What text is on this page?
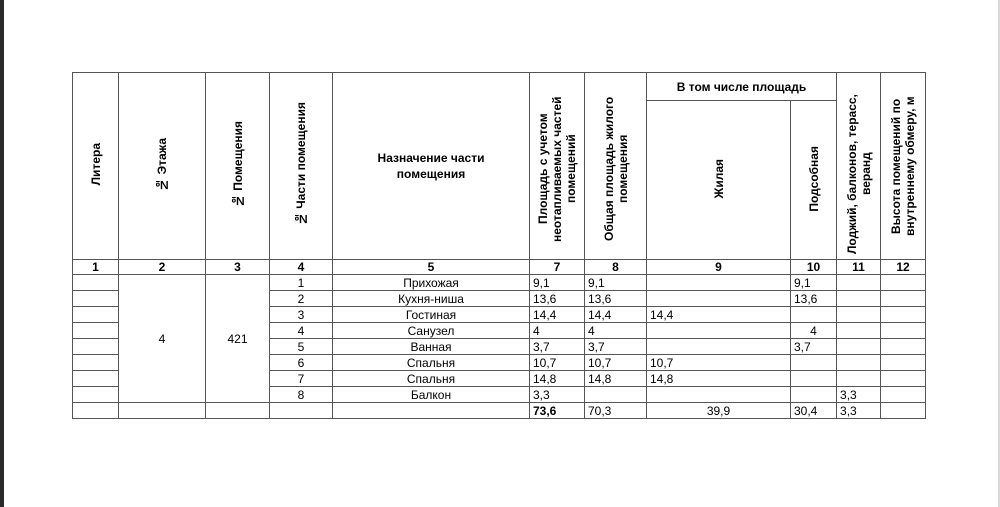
Литера	№ Этажа	№ Помещения	№ Части помещения	Назначение части помещения	Площадь с учетом неотапливаемых частей помещений	Общая площадь жилого помещения	В том числе площадь		Лоджий, балконов, терасс, веранд	Высота помещений по внутреннему обмеру, м
							Жилая	Подсобная		
1	2	3	4	5	7	8	9	10	11	12
	4	421	1	Прихожая	9,1	9,1		9,1		
			2	Кухня-ниша	13,6	13,6		13,6		
			3	Гостиная	14,4	14,4	14,4			
			4	Санузел	4	4		4		
			5	Ванная	3,7	3,7		3,7		
			6	Спальня	10,7	10,7	10,7			
			7	Спальня	14,8	14,8	14,8			
			8	Балкон	3,3				3,3	
					73,6	70,3	39,9	30,4	3,3	
